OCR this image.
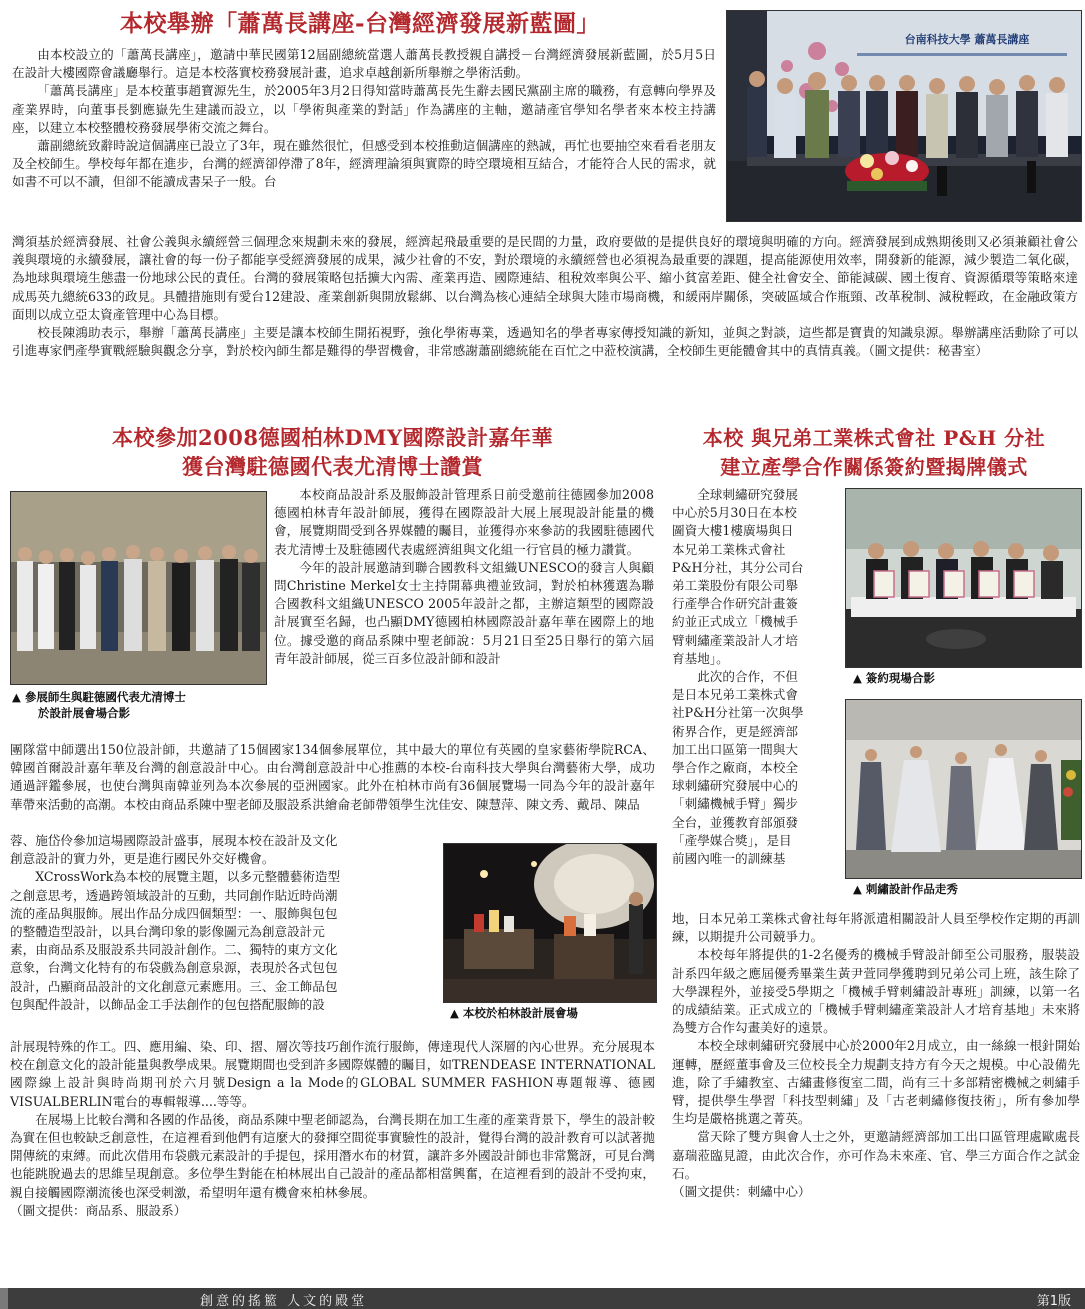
本校舉辦「蕭萬長講座-台灣經濟發展新藍圖」
台南科技大學 蕭萬長講座

由本校設立的「蕭萬長講座」，邀請中華民國第12屆副總統當選人蕭萬長教授親自講授－台灣經濟發展新藍圖，於5月5日在設計大樓國際會議廳舉行。這是本校落實校務發展計畫，追求卓越創新所舉辦之學術活動。

「蕭萬長講座」是本校董事趙寶源先生，於2005年3月2日得知當時蕭萬長先生辭去國民黨副主席的職務，有意轉向學界及產業界時，向董事長劉應嶽先生建議而設立，以「學術與產業的對話」作為講座的主軸，邀請產官學知名學者來本校主持講座，以建立本校整體校務發展學術交流之舞台。

蕭副總統致辭時說這個講座已設立了3年，現在雖然很忙，但感受到本校推動這個講座的熱誠，再忙也要抽空來看看老朋友及全校師生。學校每年都在進步，台灣的經濟卻停滯了8年，經濟理論須與實際的時空環境相互結合，才能符合人民的需求，就如書不可以不讀，但卻不能讀成書呆子一般。台

灣須基於經濟發展、社會公義與永續經營三個理念來規劃未來的發展，經濟起飛最重要的是民間的力量，政府要做的是提供良好的環境與明確的方向。經濟發展到成熟期後則又必須兼顧社會公義與環境的永續發展，讓社會的每一份子都能享受經濟發展的成果，減少社會的不安，對於環境的永續經營也必須視為最重要的課題，提高能源使用效率，開發新的能源，減少製造二氧化碳，為地球與環境生態盡一份地球公民的責任。台灣的發展策略包括擴大內需、產業再造、國際連結、租稅效率與公平、縮小貧富差距、健全社會安全、節能減碳、國土復育、資源循環等策略來達成馬英九總統633的政見。具體措施則有愛台12建設、產業創新與開放鬆綁、以台灣為核心連結全球與大陸市場商機，和緩兩岸關係，突破區域合作瓶頸、改革稅制、減稅輕政，在金融政策方面則以成立亞太資產管理中心為目標。

校長陳鴻助表示，舉辦「蕭萬長講座」主要是讓本校師生開拓視野，強化學術專業，透過知名的學者專家傳授知識的新知，並與之對談，這些都是寶貴的知識泉源。舉辦講座活動除了可以引進專家們產學實戰經驗與觀念分享，對於校內師生都是難得的學習機會，非常感謝蕭副總統能在百忙之中蒞校演講，全校師生更能體會其中的真情真義。（圖文提供：秘書室）

本校參加2008德國柏林DMY國際設計嘉年華
獲台灣駐德國代表尤清博士讚賞
▲ 參展師生與駐德國代表尤清博士
於設計展會場合影

本校商品設計系及服飾設計管理系日前受邀前往德國參加2008德國柏林青年設計師展，獲得在國際設計大展上展現設計能量的機會，展覽期間受到各界媒體的矚目，並獲得亦來參訪的我國駐德國代表尤清博士及駐德國代表處經濟組與文化組一行官員的極力讚賞。

今年的設計展邀請到聯合國教科文組織UNESCO的發言人與顧問Christine Merkel女士主持開幕典禮並致詞，對於柏林獲選為聯合國教科文組織UNESCO 2005年設計之都，主辦這類型的國際設計展實至名歸，也凸顯DMY德國柏林國際設計嘉年華在國際上的地位。據受邀的商品系陳中聖老師說：5月21日至25日舉行的第六屆青年設計師展，從三百多位設計師和設計

團隊當中師選出150位設計師，共邀請了15個國家134個參展單位，其中最大的單位有英國的皇家藝術學院RCA、韓國首爾設計嘉年華及台灣的創意設計中心。由台灣創意設計中心推薦的本校-台南科技大學與台灣藝術大學，成功通過評鑑參展，也使台灣與南韓並列為本次參展的亞洲國家。此外在柏林市尚有36個展覽場一同為今年的設計嘉年華帶來活動的高潮。本校由商品系陳中聖老師及服設系洪繪侖老師帶領學生沈佳安、陳慧萍、陳文秀、戴昂、陳品

▲ 本校於柏林設計展會場
蓉、施岱伶參加這場國際設計盛事，展現本校在設計及文化
創意設計的實力外，更是進行國民外交好機會。
XCrossWork為本校的展覽主題，以多元整體藝術造型
之創意思考，透過跨領域設計的互動，共同創作貼近時尚潮
流的產品與服飾。展出作品分成四個類型：一、服飾與包包
的整體造型設計，以具台灣印象的影像圖元為創意設計元
素，由商品系及服設系共同設計創作。二、獨特的東方文化
意象，台灣文化特有的布袋戲為創意泉源，表現於各式包包
設計，凸顯商品設計的文化創意元素應用。三、金工飾品包
包與配件設計，以飾品金工手法創作的包包搭配服飾的設

計展現特殊的作工。四、應用編、染、印、摺、層次等技巧創作流行服飾，傳達現代人深層的內心世界。充分展現本校在創意文化的設計能量與教學成果。展覽期間也受到許多國際媒體的矚目，如TRENDEASE INTERNATIONAL 國際線上設計與時尚期刊於六月號Design a la Mode的GLOBAL SUMMER FASHION專題報導、德國VISUALBERLIN電台的專輯報導....等等。

在展場上比較台灣和各國的作品後，商品系陳中聖老師認為，台灣長期在加工生產的產業背景下，學生的設計較為實在但也較缺乏創意性，在這裡看到他們有這麼大的發揮空間從事實驗性的設計，覺得台灣的設計教育可以試著拋開傳統的束縛。而此次借用布袋戲元素設計的手提包，採用潛水布的材質，讓許多外國設計師也非常驚訝，可見台灣也能跳脫過去的思維呈現創意。多位學生對能在柏林展出自己設計的產品都相當興奮，在這裡看到的設計不受拘束，親自接觸國際潮流後也深受刺激，希望明年還有機會來柏林參展。

（圖文提供：商品系、服設系）

本校 與兄弟工業株式會社 P&H 分社
建立產學合作關係簽約暨揭牌儀式
▲ 簽約現場合影
▲ 刺繡設計作品走秀
全球刺繡研究發展
中心於5月30日在本校
圖資大樓1樓廣場與日
本兄弟工業株式會社
P&H分社，其分公司台
弟工業股份有限公司舉
行產學合作研究計畫簽
約並正式成立「機械手
臂刺繡產業設計人才培
育基地」。
此次的合作，不但
是日本兄弟工業株式會
社P&H分社第一次與學
術界合作，更是經濟部
加工出口區第一間與大
學合作之廠商，本校全
球刺繡研究發展中心的
「刺繡機械手臂」獨步
全台，並獲教育部頒發
「產學媒合獎」，是目
前國內唯一的訓練基

地，日本兄弟工業株式會社每年將派遣相關設計人員至學校作定期的再訓練，以期提升公司競爭力。

本校每年將提供的1-2名優秀的機械手臂設計師至公司服務，服裝設計系四年級之應屆優秀畢業生黃尹萱同學獲聘到兄弟公司上班，該生除了大學課程外，並接受5學期之「機械手臂刺繡設計專班」訓練，以第一名的成績結業。正式成立的「機械手臂刺繡產業設計人才培育基地」未來將為雙方合作勾畫美好的遠景。

本校全球刺繡研究發展中心於2000年2月成立，由一絲線一根針開始運轉，歷經董事會及三位校長全力規劃支持方有今天之規模。中心設備先進，除了手繡教室、古繡畫修復室二間，尚有三十多部精密機械之刺繡手臂，提供學生學習「科技型刺繡」及「古老刺繡修復技術」，所有參加學生均是嚴格挑選之菁英。

當天除了雙方與會人士之外，更邀請經濟部加工出口區管理處歐處長嘉瑞蒞臨見證，由此次合作，亦可作為未來產、官、學三方面合作之試金石。

（圖文提供：刺繡中心）

創意的搖籃 人文的殿堂	第1版
